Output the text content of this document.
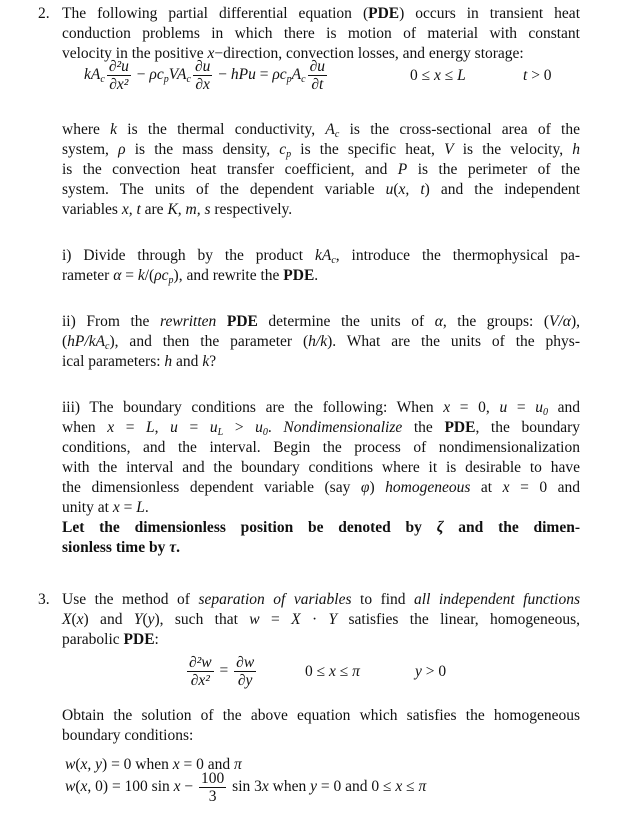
2.
3.
The following partial differential equation (PDE) occurs in transient heat
conduction problems in which there is motion of material with constant
velocity in the positive x−direction, convection losses, and energy storage:
where k is the thermal conductivity, $A_c$ is the cross-sectional area of the
system, ρ is the mass density, $c_p$ is the specific heat, V is the velocity, h
is the convection heat transfer coefficient, and P is the perimeter of the
system. The units of the dependent variable u(x, t) and the independent
variables x, t are K, m, s respectively.
i) Divide through by the product $kA_c$, introduce the thermophysical pa-
rameter $\alpha = k/(\rho c_p)$, and rewrite the PDE.
ii) From the rewritten PDE determine the units of α, the groups: (V/α),
$(hP/kA_c)$, and then the parameter (h/k). What are the units of the phys-
ical parameters: h and k?
iii) The boundary conditions are the following: When x = 0, $u = u_0$ and
when x = L, $u = u_L > u_0$. Nondimensionalize the PDE, the boundary
conditions, and the interval. Begin the process of nondimensionalization
with the interval and the boundary conditions where it is desirable to have
the dimensionless dependent variable (say φ) homogeneous at x = 0 and
unity at x = L.
Let the dimensionless position be denoted by ζ and the dimen-
sionless time by τ.
Use the method of separation of variables to find all independent functions
X(x) and Y(y), such that w = X · Y satisfies the linear, homogeneous,
parabolic PDE:
Obtain the solution of the above equation which satisfies the homogeneous
boundary conditions:
$kA_c \frac{\text{∂²u}}{\text{∂x²}} - \rho c_pVA_c \frac{\partial u}{\partial x}$ − hPu = $\rho c_pA_c \frac{\partial u}{\partial t}$	0 ≤ x ≤ L	t > 0
$\frac{\text{∂²w}}{\text{∂x²}} = \frac{\partial w}{\partial y}$	0 ≤ x ≤ π	y > 0
w(x, y) = 0 when x = 0 and π
w(x, 0) = 100 $\sin x - \frac{100}{3}$ sin 3x when y = 0 and 0 ≤ x ≤ π
